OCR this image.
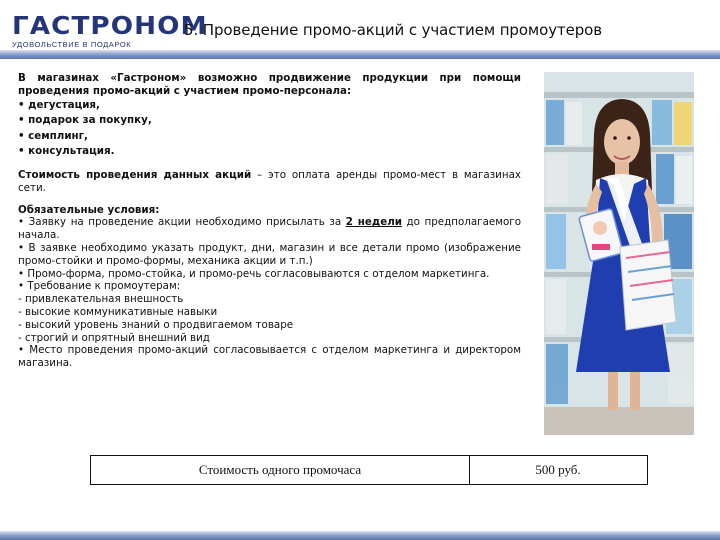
ГАСТРОНОМ
УДОВОЛЬСТВИЕ В ПОДАРОК
5. Проведение промо-акций с участием промоутеров

В магазинах «Гастроном» возможно продвижение продукции при помощи проведения промо-акций с участием промо-персонала:

• дегустация,

• подарок за покупку,

• семплинг,

• консультация.

Стоимость проведения данных акций – это оплата аренды промо-мест в магазинах сети.

Обязательные условия:

• Заявку на проведение акции необходимо присылать за 2 недели до предполагаемого начала.

• В заявке необходимо указать продукт, дни, магазин и все детали промо (изображение промо-стойки и промо-формы, механика акции и т.п.)

• Промо-форма, промо-стойка, и промо-речь согласовываются с отделом маркетинга.

• Требование к промоутерам:

- привлекательная внешность

- высокие коммуникативные навыки

- высокий уровень знаний о продвигаемом товаре

- строгий и опрятный внешний вид

• Место проведения промо-акций согласовывается с отделом маркетинга и директором магазина.

Стоимость одного промочаса	500 руб.
